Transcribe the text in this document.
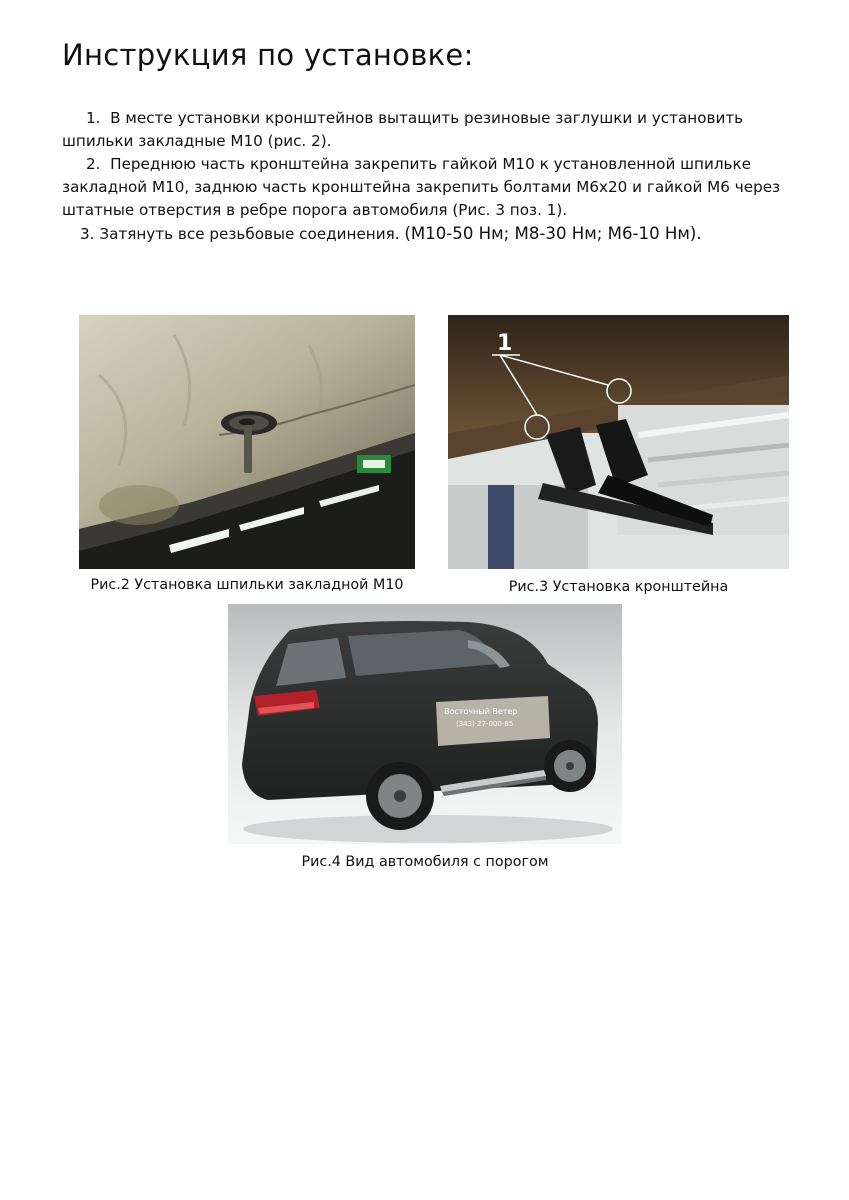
Инструкция по установке:

1. В месте установки кронштейнов вытащить резиновые заглушки и установить шпильки закладные М10 (рис. 2).

2. Переднюю часть кронштейна закрепить гайкой М10 к установленной шпильке закладной М10, заднюю часть кронштейна закрепить болтами М6х20 и гайкой М6 через штатные отверстия в ребре порога автомобиля (Рис. 3 поз. 1).

3. Затянуть все резьбовые соединения. (М10-50 Нм; М8-30 Нм; М6-10 Нм).

1
Рис.2 Установка шпильки закладной М10	Рис.3 Установка кронштейна
Восточный Ветер
(343) 27-000-85
Рис.4 Вид автомобиля с порогом
